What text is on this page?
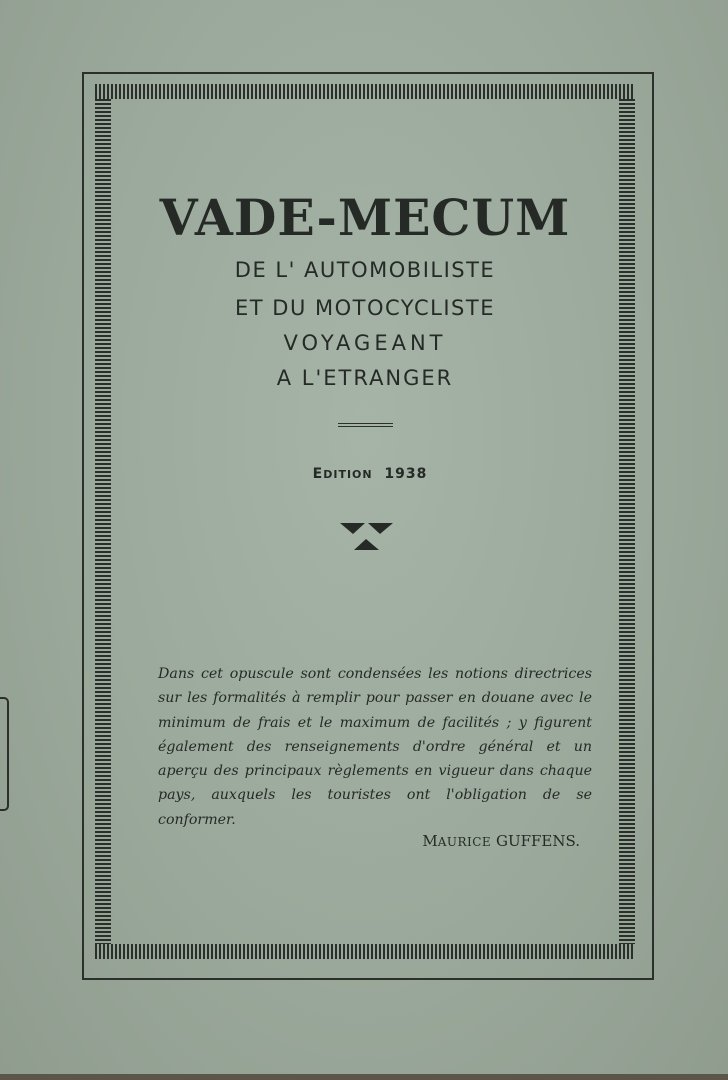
VADE-MECUM
DE L' AUTOMOBILISTE
ET DU MOTOCYCLISTE
VOYAGEANT
A L'ETRANGER
EDITION 1938
Dans cet opuscule sont condensées les notions directrices sur les formalités à remplir pour passer en douane avec le minimum de frais et le maximum de facilités ; y figurent également des renseignements d'ordre général et un aperçu des principaux règlements en vigueur dans chaque pays, auxquels les touristes ont l'obligation de se conformer.
MAURICE GUFFENS.
